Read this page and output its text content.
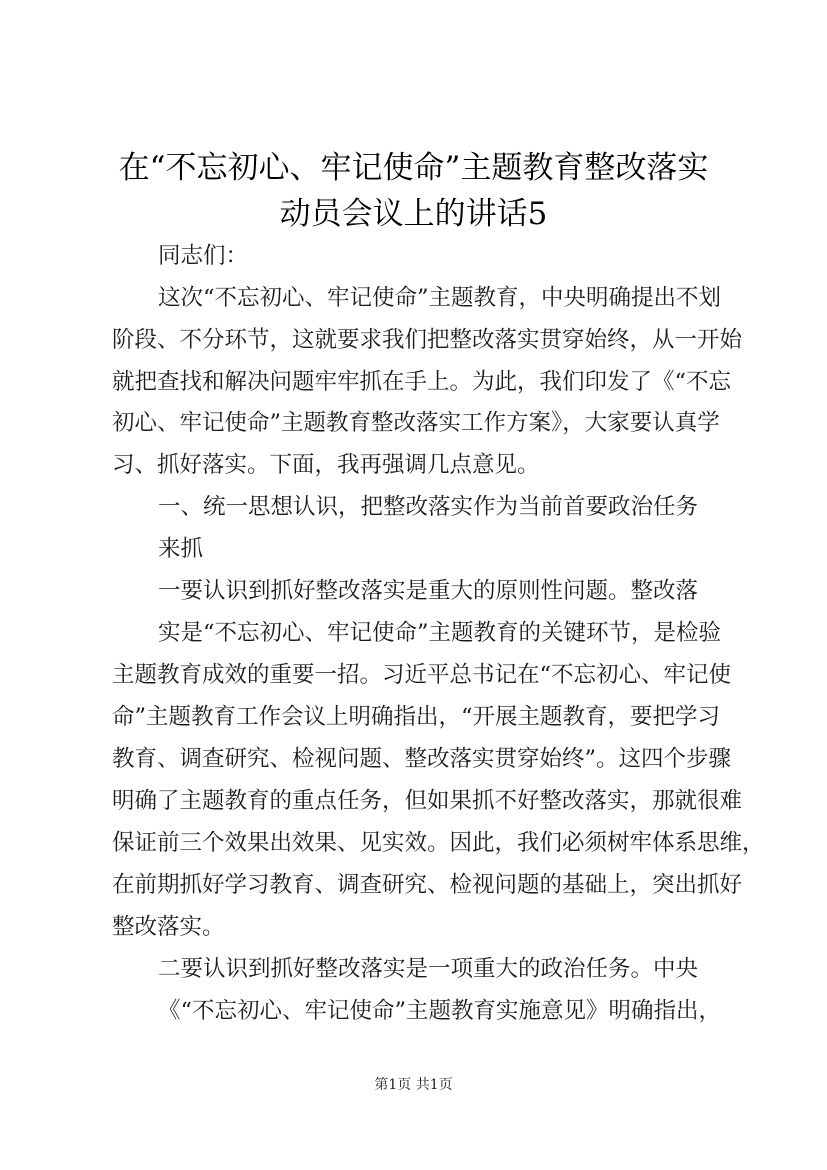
在“不忘初心、牢记使命”主题教育整改落实
动员会议上的讲话5
同志们：
这次“不忘初心、牢记使命”主题教育，中央明确提出不划
阶段、不分环节，这就要求我们把整改落实贯穿始终，从一开始
就把查找和解决问题牢牢抓在手上。为此，我们印发了《“不忘
初心、牢记使命”主题教育整改落实工作方案》，大家要认真学
习、抓好落实。下面，我再强调几点意见。
一、统一思想认识，把整改落实作为当前首要政治任务
来抓
一要认识到抓好整改落实是重大的原则性问题。整改落
实是“不忘初心、牢记使命”主题教育的关键环节，是检验
主题教育成效的重要一招。习近平总书记在“不忘初心、牢记使
命”主题教育工作会议上明确指出，“开展主题教育，要把学习
教育、调查研究、检视问题、整改落实贯穿始终”。这四个步骤
明确了主题教育的重点任务，但如果抓不好整改落实，那就很难
保证前三个效果出效果、见实效。因此，我们必须树牢体系思维，
在前期抓好学习教育、调查研究、检视问题的基础上，突出抓好
整改落实。
二要认识到抓好整改落实是一项重大的政治任务。中央
《“不忘初心、牢记使命”主题教育实施意见》明确指出，
第1页 共1页
